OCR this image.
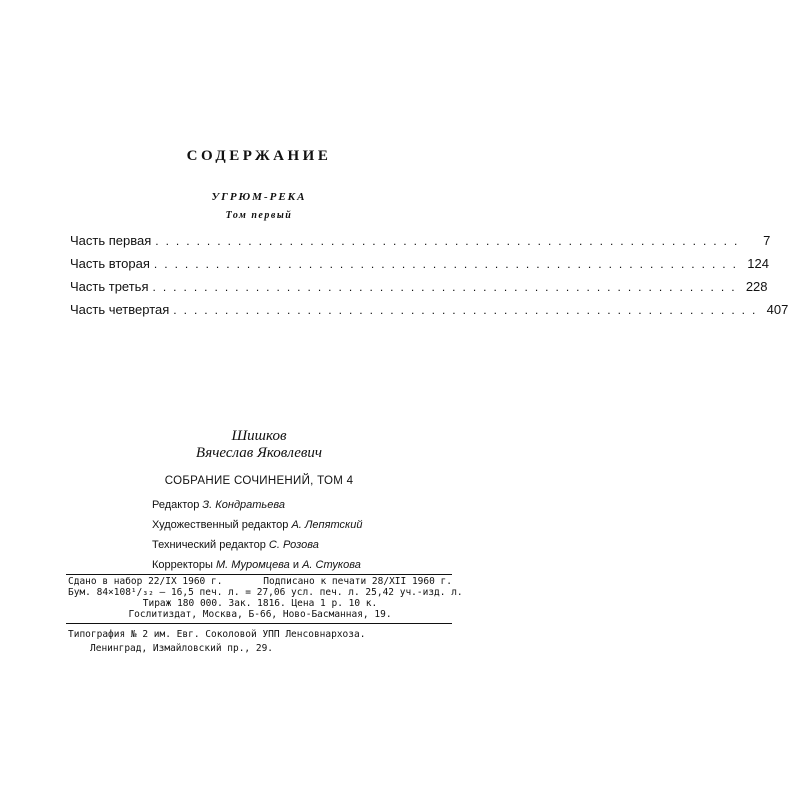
СОДЕРЖАНИЕ
УГРЮМ-РЕКА
Том первый
Часть первая .........................................................	7
Часть вторая ......................................................... 124
Часть третья ......................................................... 228
Часть четвертая ......................................................... 407
Шишков
Вячеслав Яковлевич
СОБРАНИЕ СОЧИНЕНИЙ, ТОМ 4
Редактор З. Кондратьева
Художественный редактор А. Лепятский
Технический редактор С. Розова
Корректоры М. Муромцева и А. Стукова
Сдано в набор 22/IX 1960 г.	Подписано к печати 28/XII 1960 г.
Бум. 84×108¹/₃₂ — 16,5 печ. л. = 27,06 усл. печ. л. 25,42 уч.-изд. л.
Тираж 180 000. Зак. 1816. Цена 1 р. 10 к.
Гослитиздат, Москва, Б-66, Ново-Басманная, 19.
Типография № 2 им. Евг. Соколовой УПП Ленсовнархоза.
Ленинград, Измайловский пр., 29.
